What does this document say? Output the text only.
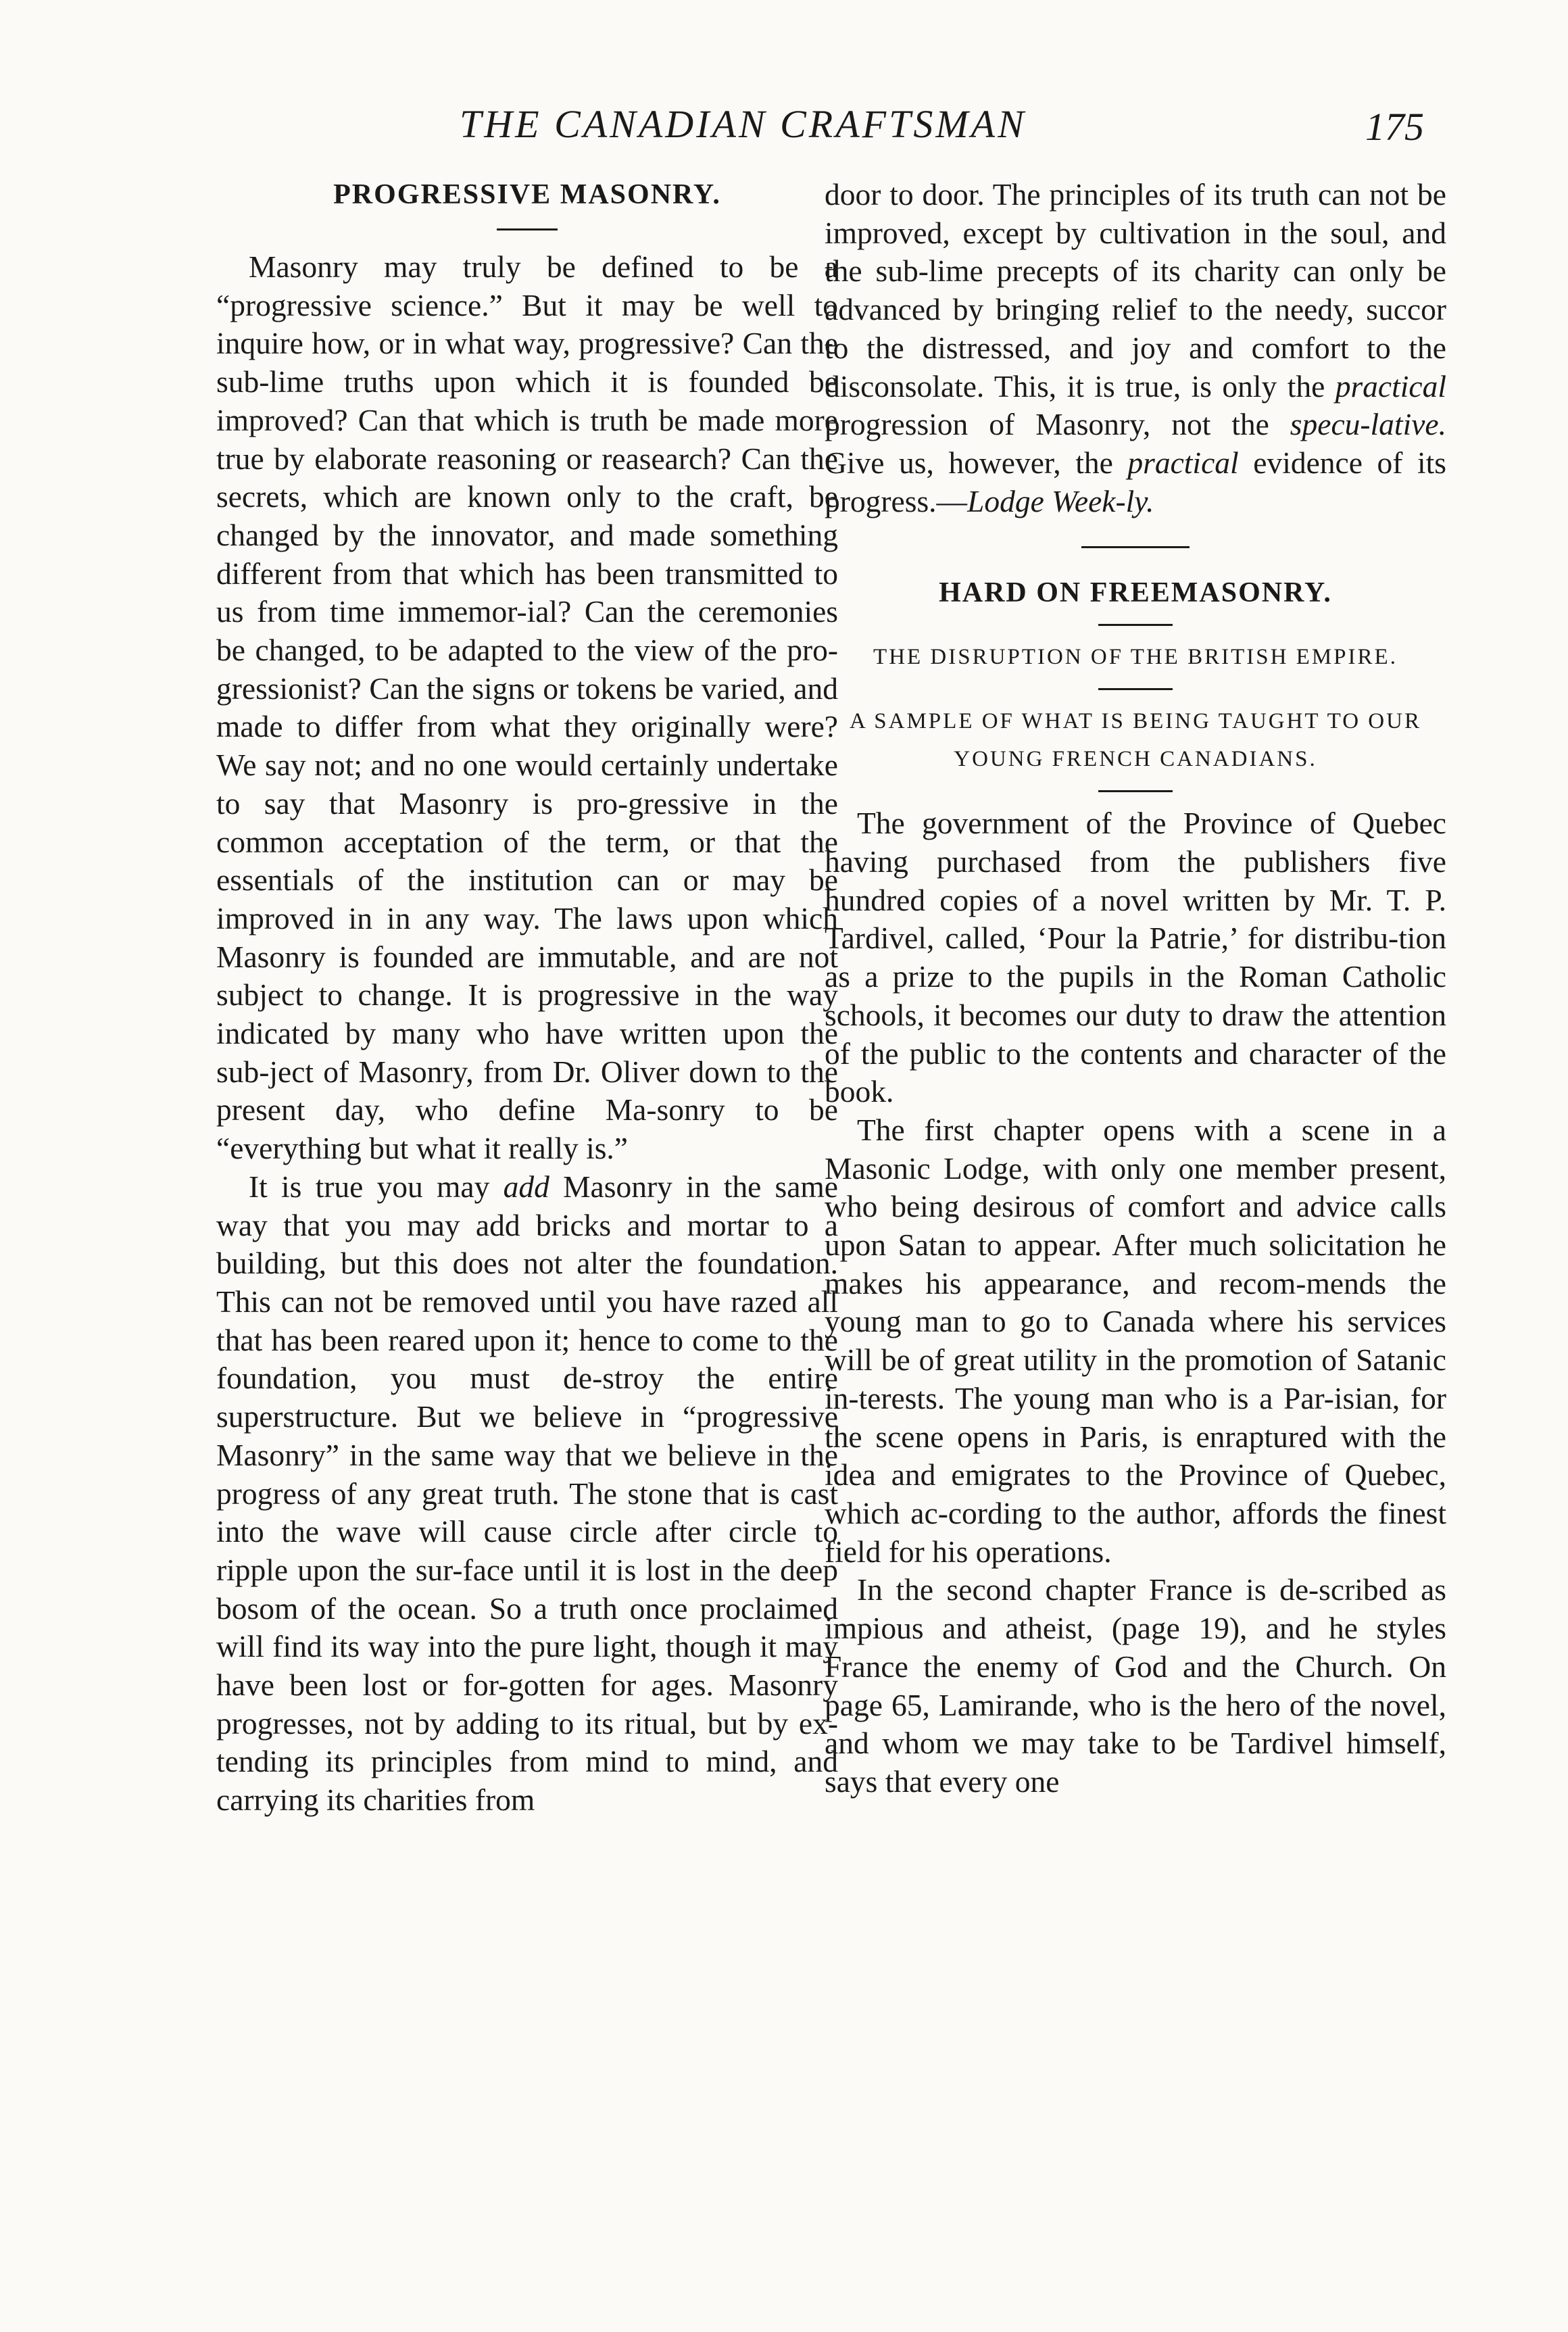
THE CANADIAN CRAFTSMAN	175
PROGRESSIVE MASONRY.

Masonry may truly be defined to be a “progressive science.” But it may be well to inquire how, or in what way, progressive? Can the sub-lime truths upon which it is founded be improved? Can that which is truth be made more true by elaborate reasoning or reasearch? Can the secrets, which are known only to the craft, be changed by the innovator, and made something different from that which has been transmitted to us from time immemor-ial? Can the ceremonies be changed, to be adapted to the view of the pro-gressionist? Can the signs or tokens be varied, and made to differ from what they originally were? We say not; and no one would certainly undertake to say that Masonry is pro-gressive in the common acceptation of the term, or that the essentials of the institution can or may be improved in in any way. The laws upon which Masonry is founded are immutable, and are not subject to change. It is progressive in the way indicated by many who have written upon the sub-ject of Masonry, from Dr. Oliver down to the present day, who define Ma-sonry to be “everything but what it really is.”

It is true you may add Masonry in the same way that you may add bricks and mortar to a building, but this does not alter the foundation. This can not be removed until you have razed all that has been reared upon it; hence to come to the foundation, you must de-stroy the entire superstructure. But we believe in “progressive Masonry” in the same way that we believe in the progress of any great truth. The stone that is cast into the wave will cause circle after circle to ripple upon the sur-face until it is lost in the deep bosom of the ocean. So a truth once proclaimed will find its way into the pure light, though it may have been lost or for-gotten for ages. Masonry progresses, not by adding to its ritual, but by ex-tending its principles from mind to mind, and carrying its charities from

door to door. The principles of its truth can not be improved, except by cultivation in the soul, and the sub-lime precepts of its charity can only be advanced by bringing relief to the needy, succor to the distressed, and joy and comfort to the disconsolate. This, it is true, is only the practical progression of Masonry, not the specu-lative. Give us, however, the practical evidence of its progress.—Lodge Week-ly.

HARD ON FREEMASONRY.

THE DISRUPTION OF THE BRITISH EMPIRE.

A SAMPLE OF WHAT IS BEING TAUGHT TO OUR YOUNG FRENCH CANADIANS.

The government of the Province of Quebec having purchased from the publishers five hundred copies of a novel written by Mr. T. P. Tardivel, called, ‘Pour la Patrie,’ for distribu-tion as a prize to the pupils in the Roman Catholic schools, it becomes our duty to draw the attention of the public to the contents and character of the book.

The first chapter opens with a scene in a Masonic Lodge, with only one member present, who being desirous of comfort and advice calls upon Satan to appear. After much solicitation he makes his appearance, and recom-mends the young man to go to Canada where his services will be of great utility in the promotion of Satanic in-terests. The young man who is a Par-isian, for the scene opens in Paris, is enraptured with the idea and emigrates to the Province of Quebec, which ac-cording to the author, affords the finest field for his operations.

In the second chapter France is de-scribed as impious and atheist, (page 19), and he styles France the enemy of God and the Church. On page 65, Lamirande, who is the hero of the novel, and whom we may take to be Tardivel himself, says that every one
